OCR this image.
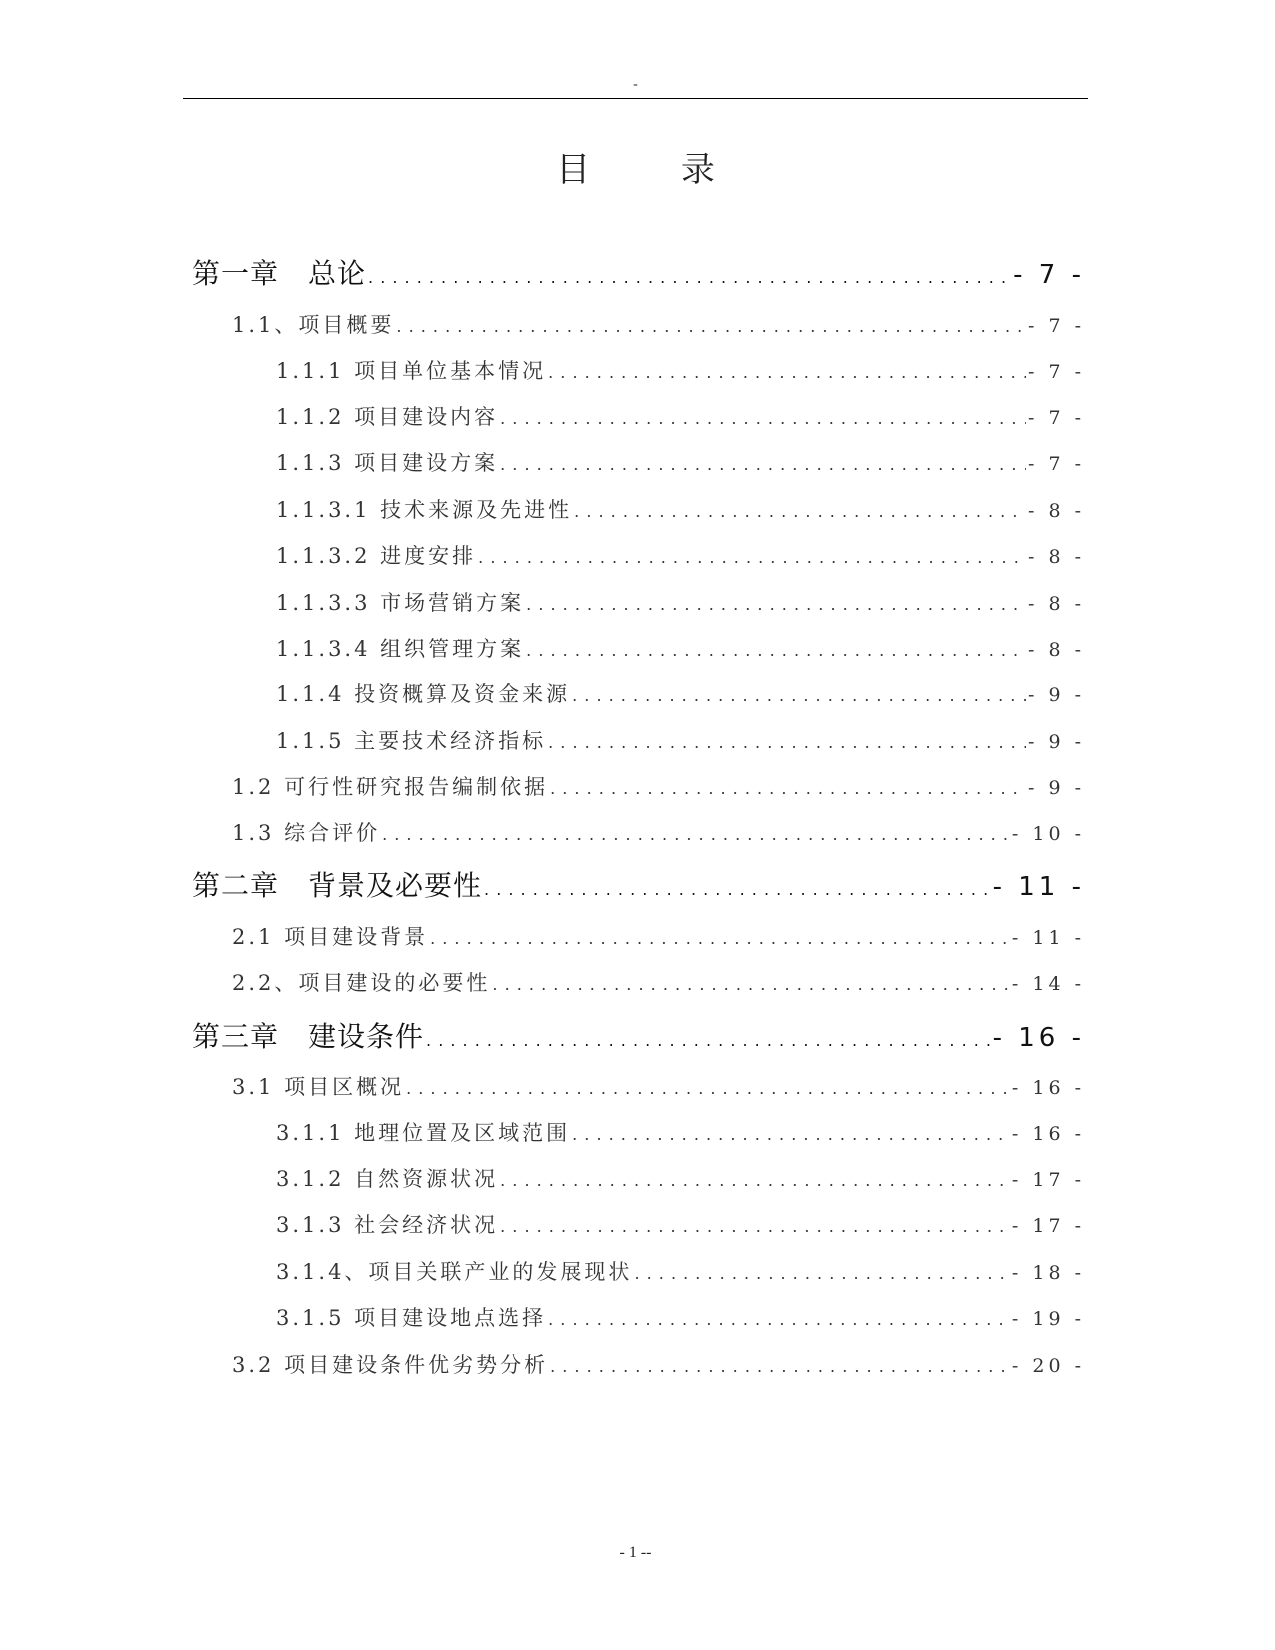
-
目 录
第一章　总论 . . .	- 7 -
1.1、项目概要 . . .	- 7 -
1.1.1 项目单位基本情况 . . .	- 7 -
1.1.2 项目建设内容 . . .	- 7 -
1.1.3 项目建设方案 . . .	- 7 -
1.1.3.1 技术来源及先进性 . . .	- 8 -
1.1.3.2 进度安排 . . .	- 8 -
1.1.3.3 市场营销方案 . . .	- 8 -
1.1.3.4 组织管理方案 . . .	- 8 -
1.1.4 投资概算及资金来源 . . .	- 9 -
1.1.5 主要技术经济指标 . . .	- 9 -
1.2 可行性研究报告编制依据 . . .	- 9 -
1.3 综合评价 . . .	- 10 -
第二章　背景及必要性 . . .	- 11 -
2.1 项目建设背景 . . .	- 11 -
2.2、项目建设的必要性 . . .	- 14 -
第三章　建设条件 . . .	- 16 -
3.1 项目区概况 . . .	- 16 -
3.1.1 地理位置及区域范围 . . .	- 16 -
3.1.2 自然资源状况 . . .	- 17 -
3.1.3 社会经济状况 . . .	- 17 -
3.1.4、项目关联产业的发展现状 . . .	- 18 -
3.1.5 项目建设地点选择 . . .	- 19 -
3.2 项目建设条件优劣势分析 . . .	- 20 -
- 1 --
